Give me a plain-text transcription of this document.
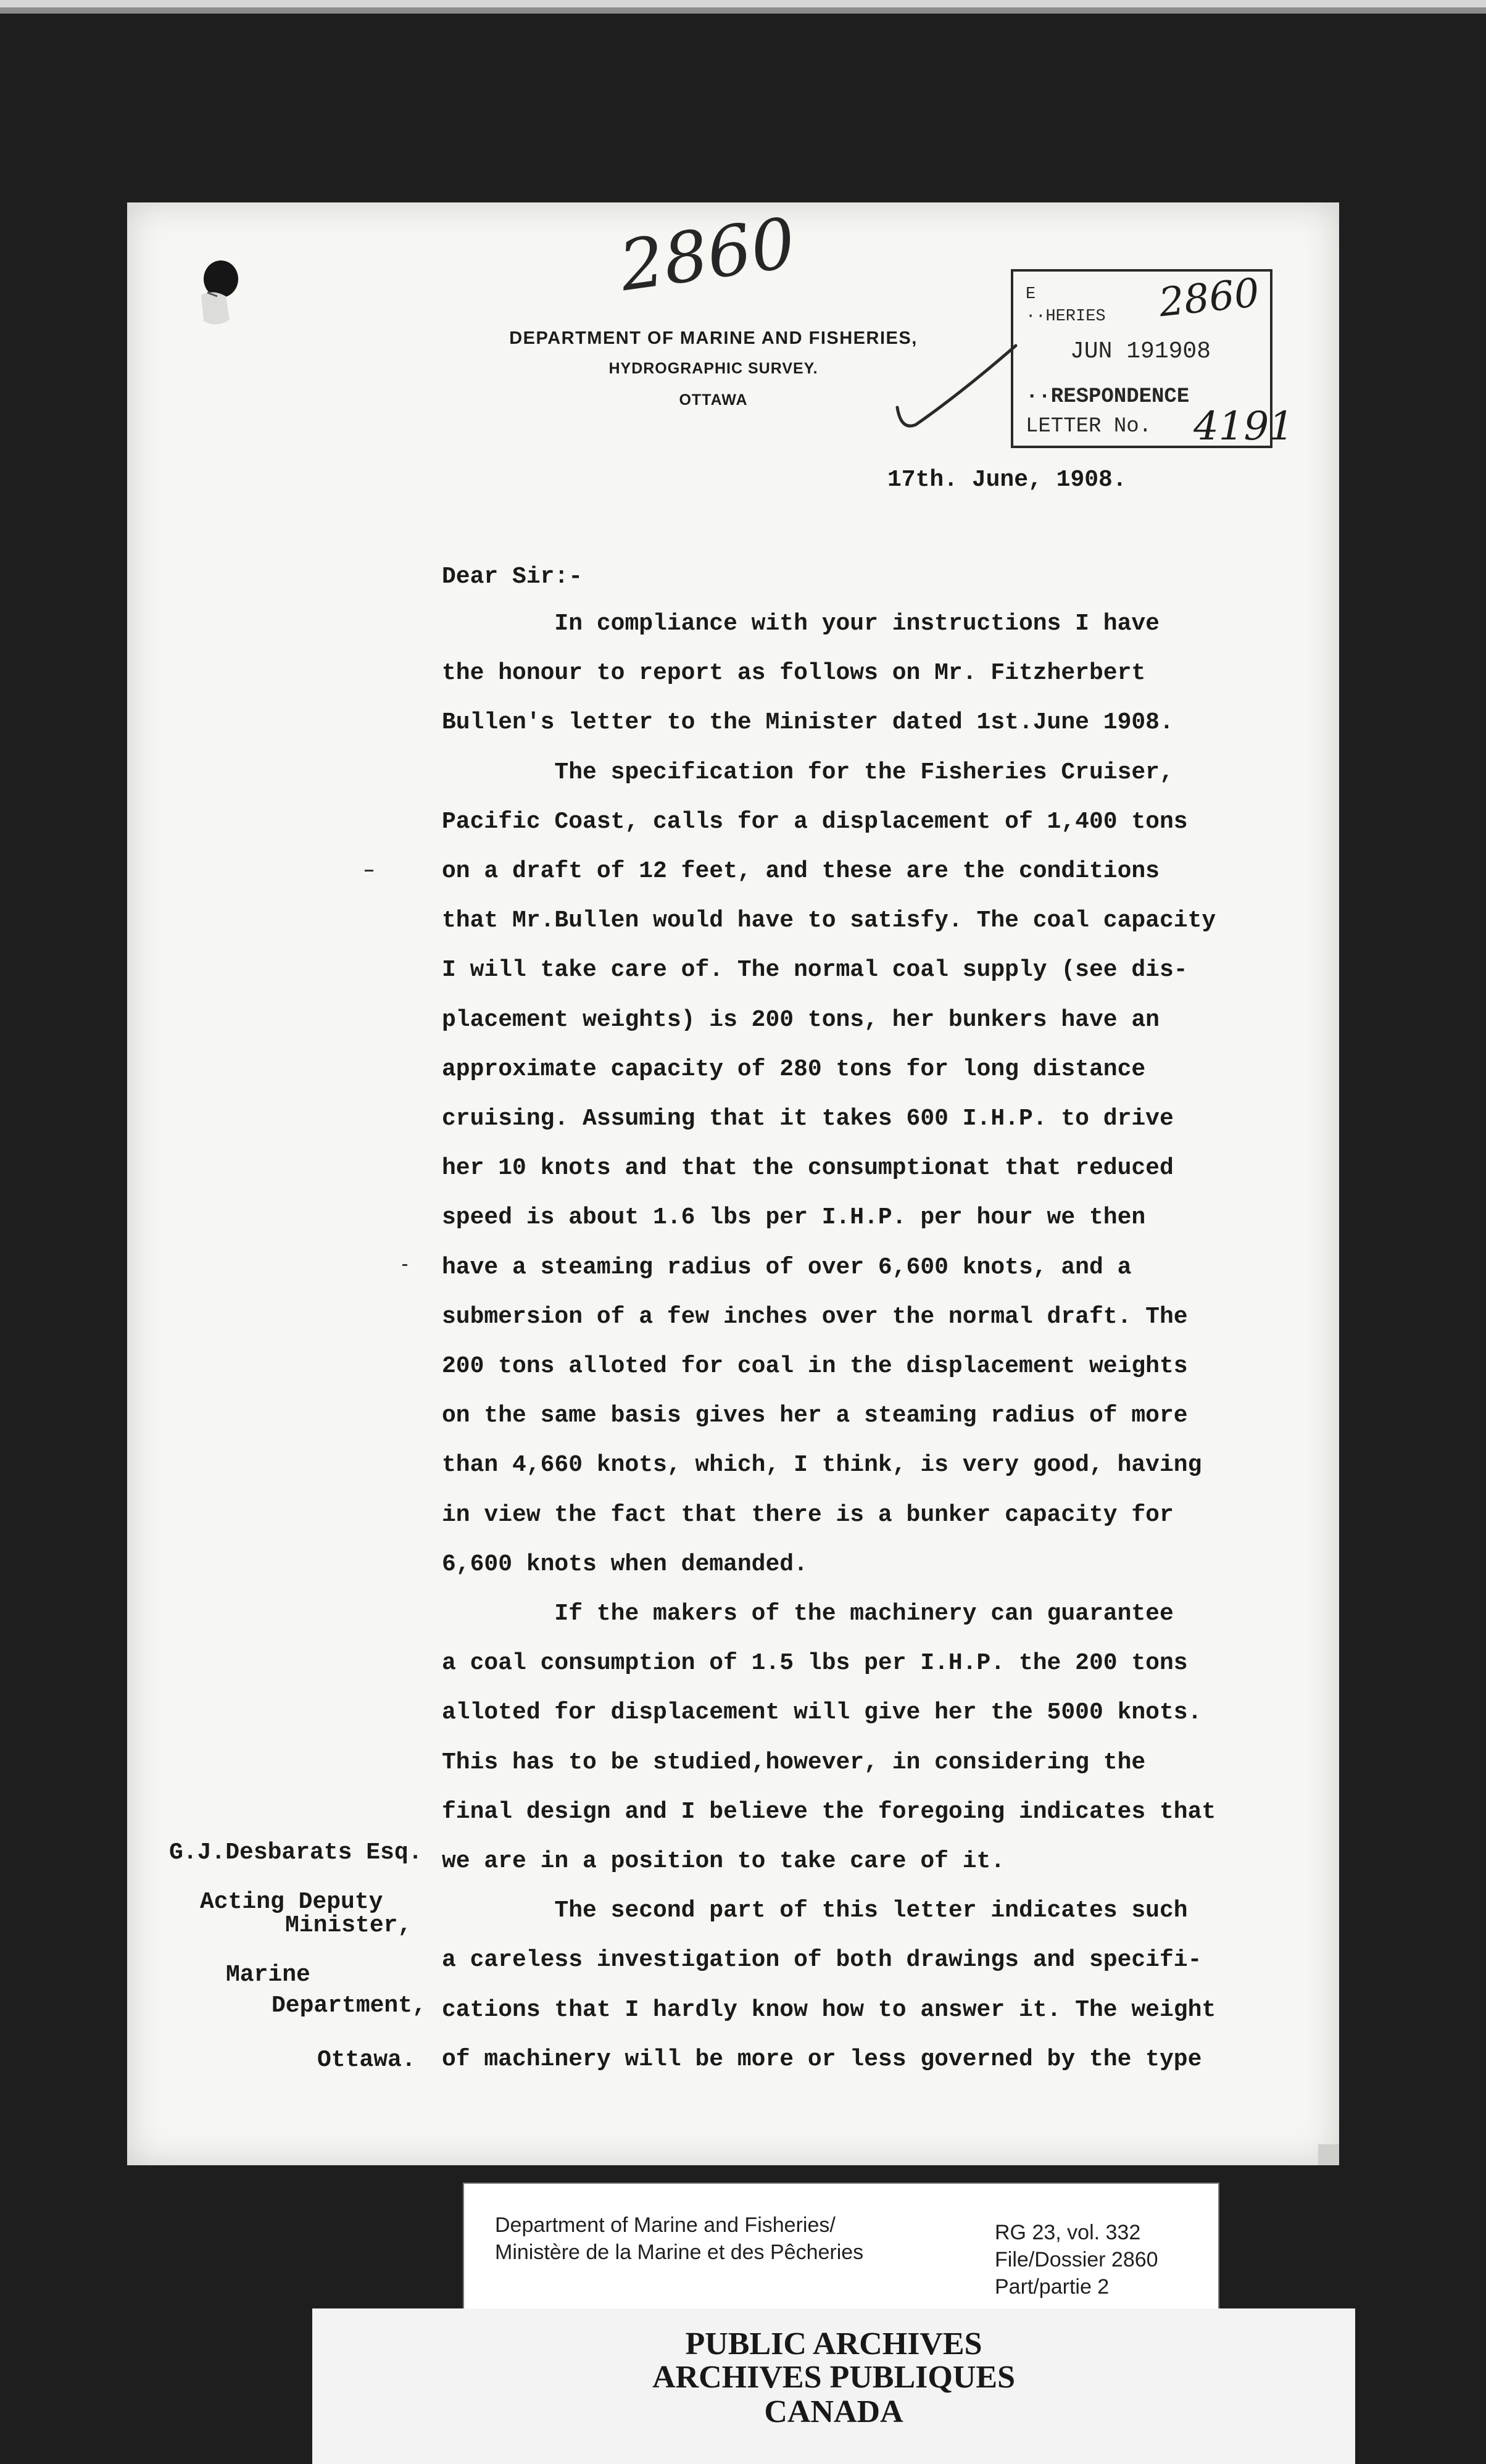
2860

DEPARTMENT OF MARINE AND FISHERIES,

HYDROGRAPHIC SURVEY.

OTTAWA

E

··HERIES

JUN 191908

··RESPONDENCE

LETTER No.

2860

4191

17th. June, 1908.

Dear Sir:-

In compliance with your instructions I have

the honour to report as follows on Mr. Fitzherbert

Bullen's letter to the Minister dated 1st.June 1908.

The specification for the Fisheries Cruiser,

Pacific Coast, calls for a displacement of 1,400 tons

on a draft of 12 feet, and these are the conditions

that Mr.Bullen would have to satisfy. The coal capacity

I will take care of. The normal coal supply (see dis-

placement weights) is 200 tons, her bunkers have an

approximate capacity of 280 tons for long distance

cruising. Assuming that it takes 600 I.H.P. to drive

her 10 knots and that the consumptionat that reduced

speed is about 1.6 lbs per I.H.P. per hour we then

have a steaming radius of over 6,600 knots, and a

submersion of a few inches over the normal draft. The

200 tons alloted for coal in the displacement weights

on the same basis gives her a steaming radius of more

than 4,660 knots, which, I think, is very good, having

in view the fact that there is a bunker capacity for

6,600 knots when demanded.

If the makers of the machinery can guarantee

a coal consumption of 1.5 lbs per I.H.P. the 200 tons

alloted for displacement will give her the 5000 knots.

This has to be studied,however, in considering the

final design and I believe the foregoing indicates that

we are in a position to take care of it.

The second part of this letter indicates such

a careless investigation of both drawings and specifi-

cations that I hardly know how to answer it. The weight

of machinery will be more or less governed by the type

G.J.Desbarats Esq.

Acting Deputy

Minister,

Marine

Department,

Ottawa.

Department of Marine and Fisheries/

Ministère de la Marine et des Pêcheries

RG 23, vol. 332

File/Dossier 2860

Part/partie 2

PUBLIC ARCHIVES

ARCHIVES PUBLIQUES

CANADA
